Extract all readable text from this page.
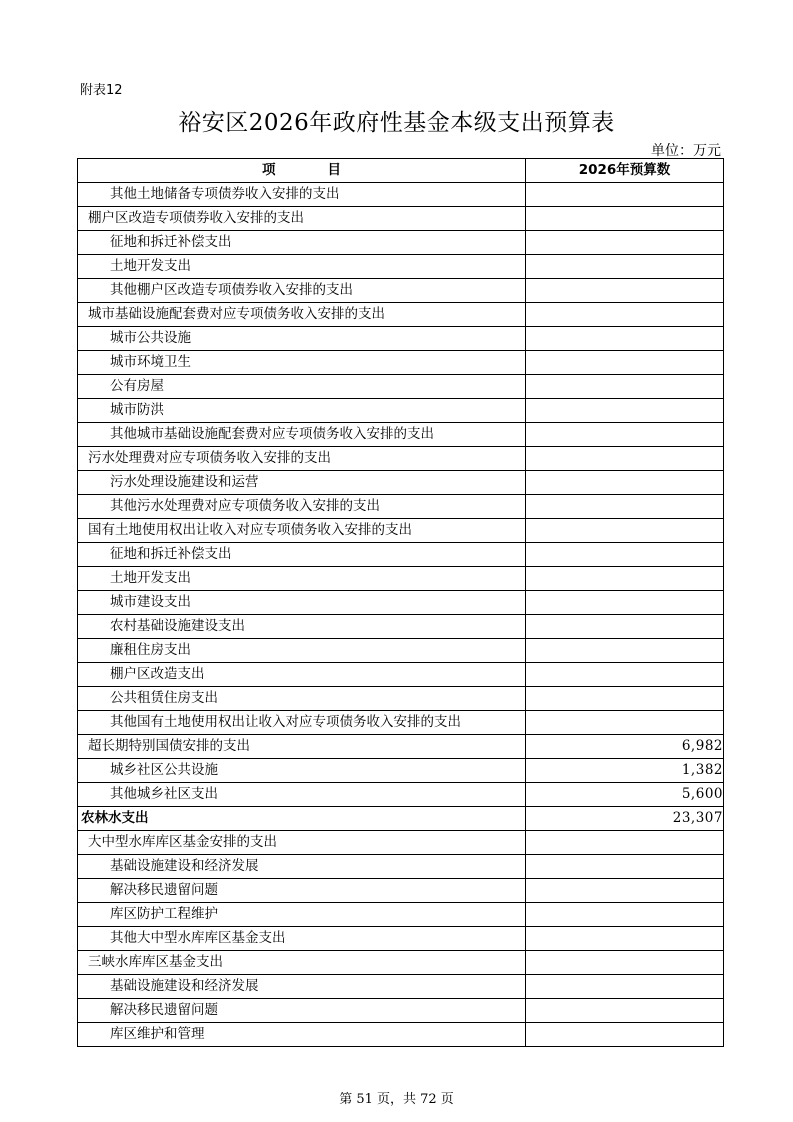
附表12
裕安区2026年政府性基金本级支出预算表
单位：万元
项 目	2026年预算数
其他土地储备专项债券收入安排的支出	
棚户区改造专项债券收入安排的支出	
征地和拆迁补偿支出	
土地开发支出	
其他棚户区改造专项债券收入安排的支出	
城市基础设施配套费对应专项债务收入安排的支出	
城市公共设施	
城市环境卫生	
公有房屋	
城市防洪	
其他城市基础设施配套费对应专项债务收入安排的支出	
污水处理费对应专项债务收入安排的支出	
污水处理设施建设和运营	
其他污水处理费对应专项债务收入安排的支出	
国有土地使用权出让收入对应专项债务收入安排的支出	
征地和拆迁补偿支出	
土地开发支出	
城市建设支出	
农村基础设施建设支出	
廉租住房支出	
棚户区改造支出	
公共租赁住房支出	
其他国有土地使用权出让收入对应专项债务收入安排的支出	
超长期特别国债安排的支出	6,982
城乡社区公共设施	1,382
其他城乡社区支出	5,600
农林水支出	23,307
大中型水库库区基金安排的支出	
基础设施建设和经济发展	
解决移民遗留问题	
库区防护工程维护	
其他大中型水库库区基金支出	
三峡水库库区基金支出	
基础设施建设和经济发展	
解决移民遗留问题	
库区维护和管理	
第 51 页，共 72 页
